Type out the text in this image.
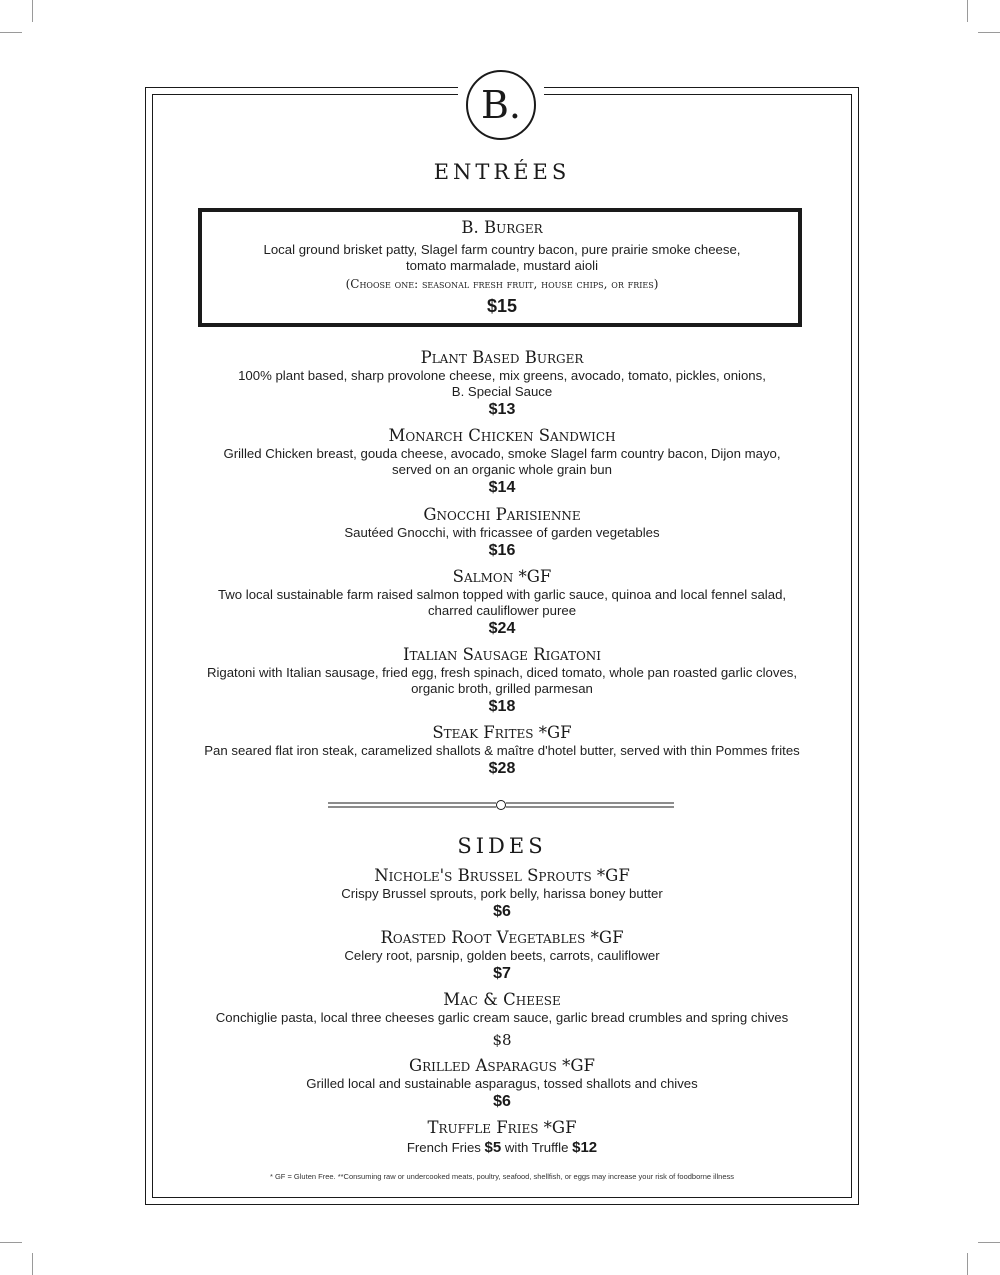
B.
ENTRÉES
B. Burger
Local ground brisket patty, Slagel farm country bacon, pure prairie smoke cheese,
tomato marmalade, mustard aioli
(Choose one: seasonal fresh fruit, house chips, or fries)
$15
Plant Based Burger
100% plant based, sharp provolone cheese, mix greens, avocado, tomato, pickles, onions,
B. Special Sauce
$13
Monarch Chicken Sandwich
Grilled Chicken breast, gouda cheese, avocado, smoke Slagel farm country bacon, Dijon mayo,
served on an organic whole grain bun
$14
Gnocchi Parisienne
Sautéed Gnocchi, with fricassee of garden vegetables
$16
Salmon *GF
Two local sustainable farm raised salmon topped with garlic sauce, quinoa and local fennel salad,
charred cauliflower puree
$24
Italian Sausage Rigatoni
Rigatoni with Italian sausage, fried egg, fresh spinach, diced tomato, whole pan roasted garlic cloves,
organic broth, grilled parmesan
$18
Steak Frites *GF
Pan seared flat iron steak, caramelized shallots & maître d'hotel butter, served with thin Pommes frites
$28
SIDES
Nichole's Brussel Sprouts *GF
Crispy Brussel sprouts, pork belly, harissa boney butter
$6
Roasted Root Vegetables *GF
Celery root, parsnip, golden beets, carrots, cauliflower
$7
Mac & Cheese
Conchiglie pasta, local three cheeses garlic cream sauce, garlic bread crumbles and spring chives
$8
Grilled Asparagus *GF
Grilled local and sustainable asparagus, tossed shallots and chives
$6
Truffle Fries *GF
French Fries $5 with Truffle $12
* GF = Gluten Free. **Consuming raw or undercooked meats, poultry, seafood, shellfish, or eggs may increase your risk of foodborne illness
